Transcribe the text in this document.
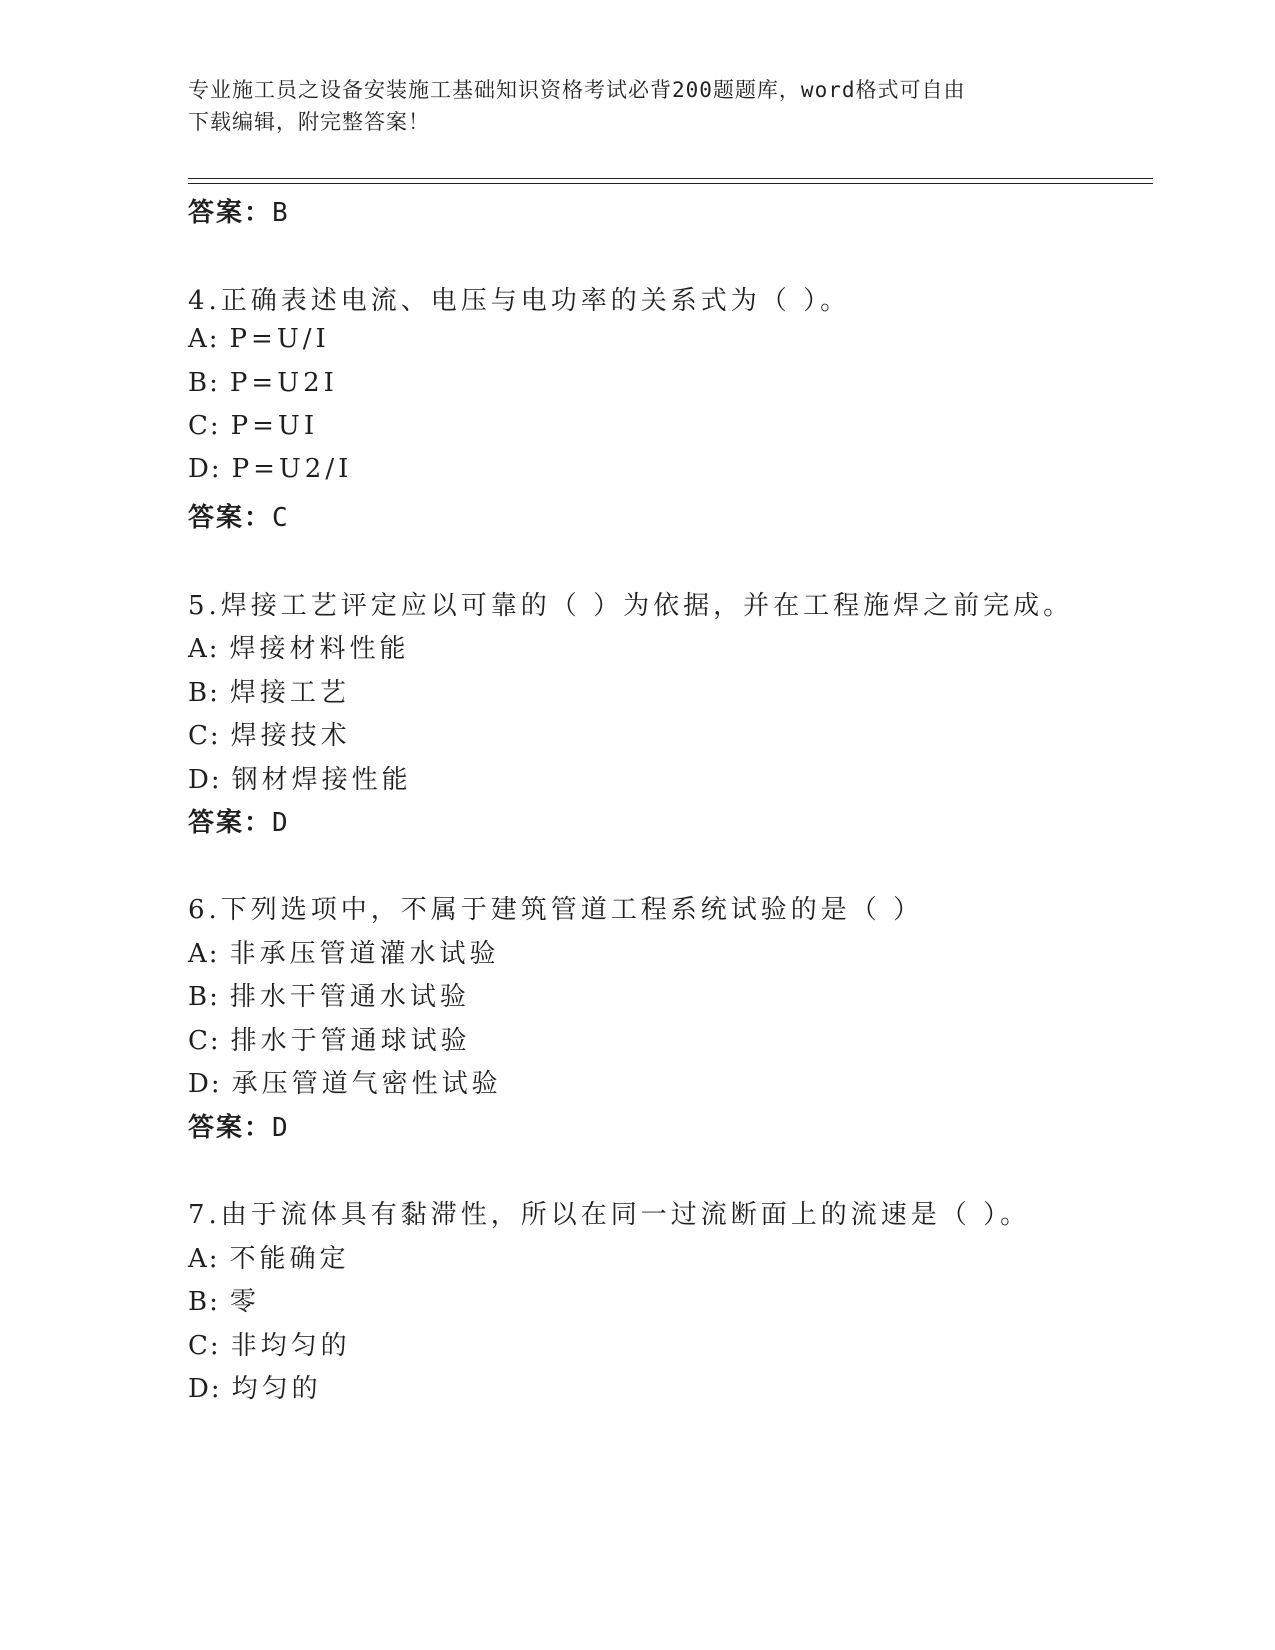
专业施工员之设备安装施工基础知识资格考试必背200题题库，word格式可自由
下载编辑，附完整答案！
答案：B
4.正确表述电流、电压与电功率的关系式为（ ）。
A: P=U/I
B: P=U2I
C: P=UI
D: P=U2/I
答案：C
5.焊接工艺评定应以可靠的（ ）为依据，并在工程施焊之前完成。
A: 焊接材料性能
B: 焊接工艺
C: 焊接技术
D: 钢材焊接性能
答案：D
6.下列选项中，不属于建筑管道工程系统试验的是（ ）
A: 非承压管道灌水试验
B: 排水干管通水试验
C: 排水于管通球试验
D: 承压管道气密性试验
答案：D
7.由于流体具有黏滞性，所以在同一过流断面上的流速是（ ）。
A: 不能确定
B: 零
C: 非均匀的
D: 均匀的
